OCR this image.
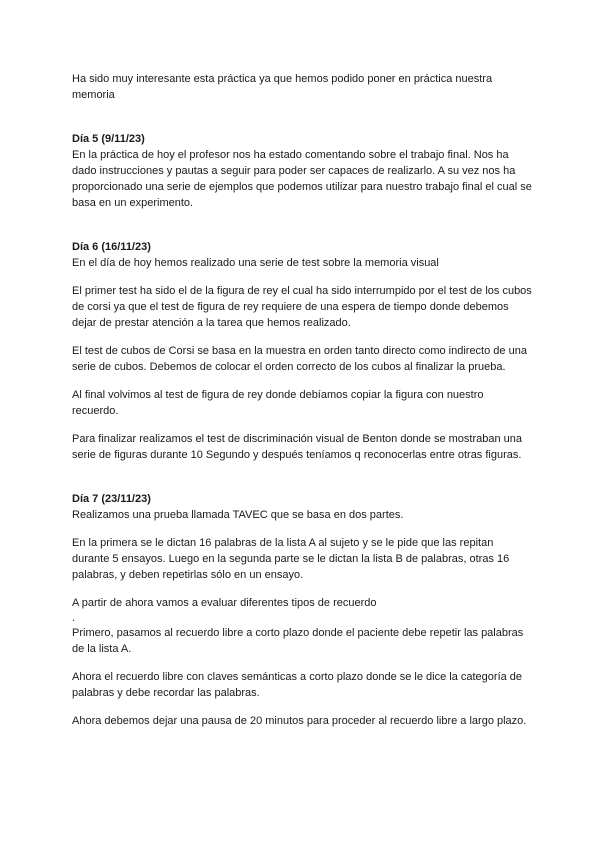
Ha sido muy interesante esta práctica ya que hemos podido poner en práctica nuestra memoria

Día 5 (9/11/23)

En la práctica de hoy el profesor nos ha estado comentando sobre el trabajo final. Nos ha dado instrucciones y pautas a seguir para poder ser capaces de realizarlo. A su vez nos ha proporcionado una serie de ejemplos que podemos utilizar para nuestro trabajo final el cual se basa en un experimento.

Día 6 (16/11/23)

En el día de hoy hemos realizado una serie de test sobre la memoria visual

El primer test ha sido el de la figura de rey el cual ha sido interrumpido por el test de los cubos de corsi ya que el test de figura de rey requiere de una espera de tiempo donde debemos dejar de prestar atención a la tarea que hemos realizado.

El test de cubos de Corsi se basa en la muestra en orden tanto directo como indirecto de una serie de cubos. Debemos de colocar el orden correcto de los cubos al finalizar la prueba.

Al final volvimos al test de figura de rey donde debíamos copiar la figura con nuestro recuerdo.

Para finalizar realizamos el test de discriminación visual de Benton donde se mostraban una serie de figuras durante 10 Segundo y después teníamos q reconocerlas entre otras figuras.

Día 7 (23/11/23)

Realizamos una prueba llamada TAVEC que se basa en dos partes.

En la primera se le dictan 16 palabras de la lista A al sujeto y se le pide que las repitan durante 5 ensayos. Luego en la segunda parte se le dictan la lista B de palabras, otras 16 palabras, y deben repetirlas sólo en un ensayo.

A partir de ahora vamos a evaluar diferentes tipos de recuerdo

.

Primero, pasamos al recuerdo libre a corto plazo donde el paciente debe repetir las palabras de la lista A.

Ahora el recuerdo libre con claves semánticas a corto plazo donde se le dice la categoría de palabras y debe recordar las palabras.

Ahora debemos dejar una pausa de 20 minutos para proceder al recuerdo libre a largo plazo.
